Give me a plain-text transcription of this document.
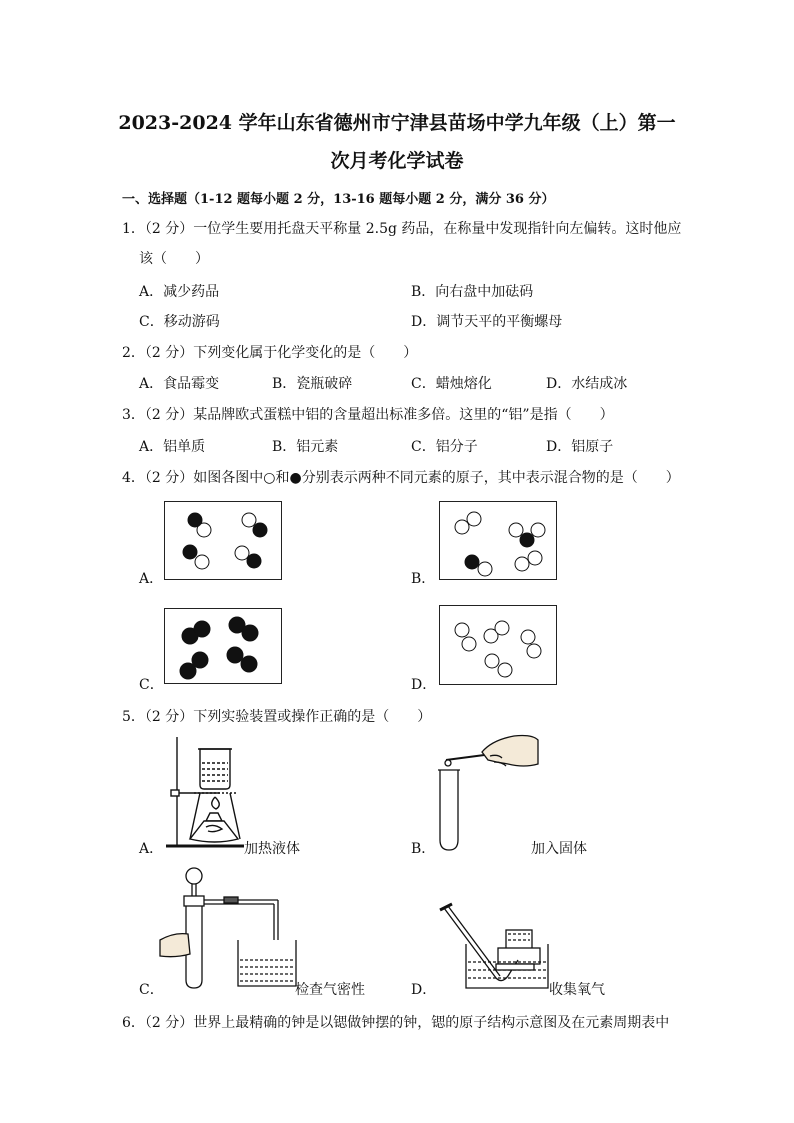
2023-2024 学年山东省德州市宁津县苗场中学九年级（上）第一
次月考化学试卷
一、选择题（1-12 题每小题 2 分，13-16 题每小题 2 分，满分 36 分）
1．（2 分）一位学生要用托盘天平称量 2.5g 药品，在称量中发现指针向左偏转。这时他应
该（　　）
A．减少药品	B．向右盘中加砝码
C．移动游码	D．调节天平的平衡螺母
2．（2 分）下列变化属于化学变化的是（　　）
A．食品霉变	B．瓷瓶破碎	C．蜡烛熔化	D．水结成冰
3．（2 分）某品牌欧式蛋糕中铝的含量超出标准多倍。这里的“铝”是指（　　）
A．铝单质	B．铝元素	C．铝分子	D．铝原子
4．（2 分）如图各图中○和●分别表示两种不同元素的原子，其中表示混合物的是（　　）
A．	B．
C．	D．
5．（2 分）下列实验装置或操作正确的是（　　）
A．	加热液体	B．	加入固体
C．	检查气密性	D．	收集氧气
6．（2 分）世界上最精确的钟是以锶做钟摆的钟，锶的原子结构示意图及在元素周期表中
